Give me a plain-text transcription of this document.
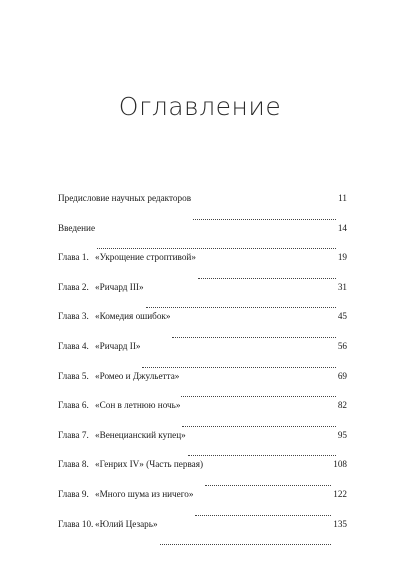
Оглавление
Предисловие научных редакторов	11
Введение	14
Глава 1. «Укрощение строптивой»	19
Глава 2. «Ричард III»	31
Глава 3. «Комедия ошибок»	45
Глава 4. «Ричард II»	56
Глава 5. «Ромео и Джульетта»	69
Глава 6. «Сон в летнюю ночь»	82
Глава 7. «Венецианский купец»	95
Глава 8. «Генрих IV» (Часть первая)	108
Глава 9. «Много шума из ничего»	122
Глава 10. «Юлий Цезарь»	135
